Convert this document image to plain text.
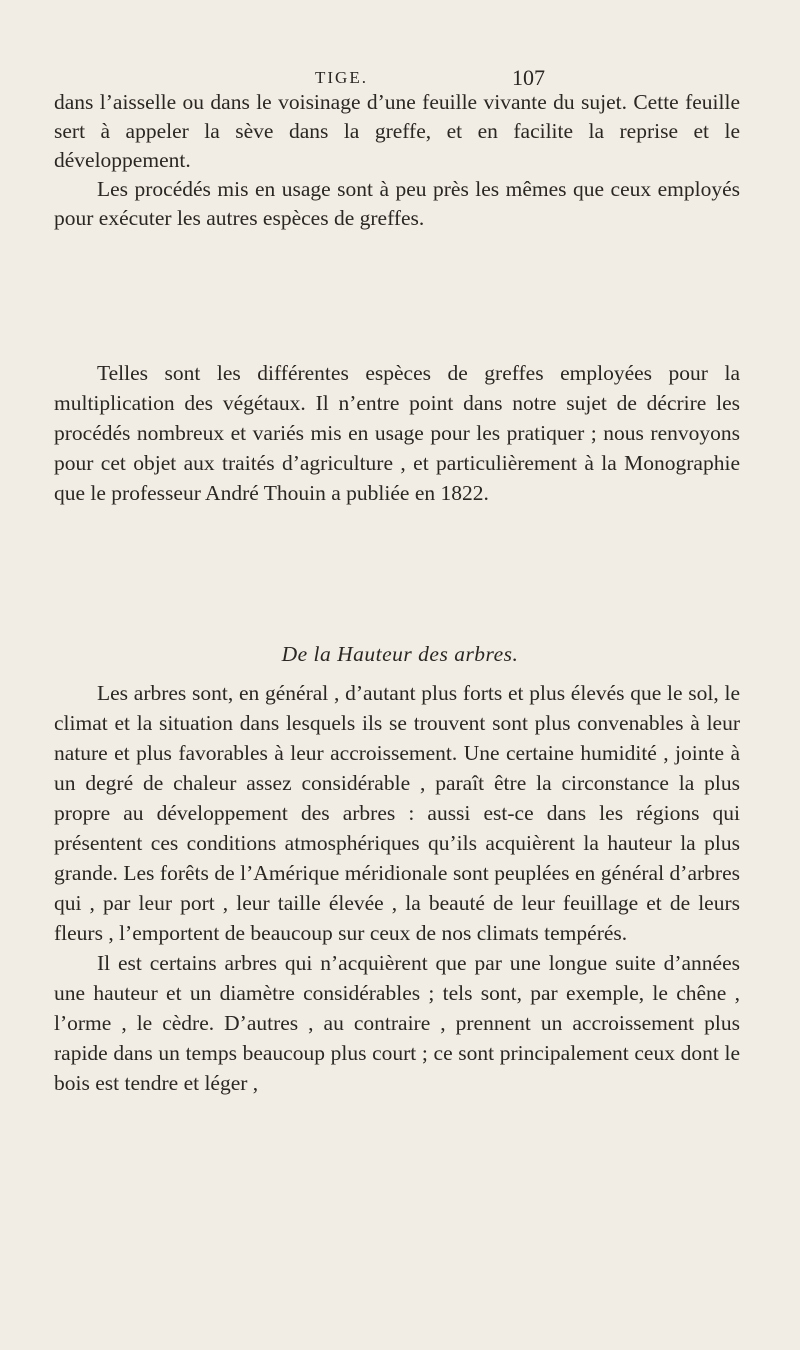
TIGE.	107

dans l’aisselle ou dans le voisinage d’une feuille vivante du sujet. Cette feuille sert à appeler la sève dans la greffe, et en facilite la reprise et le développement.

Les procédés mis en usage sont à peu près les mêmes que ceux employés pour exécuter les autres espèces de greffes.

Telles sont les différentes espèces de greffes employées pour la multiplication des végétaux. Il n’entre point dans notre sujet de décrire les procédés nombreux et variés mis en usage pour les pratiquer ; nous renvoyons pour cet objet aux traités d’agriculture , et particulièrement à la Monographie que le professeur André Thouin a publiée en 1822.

De la Hauteur des arbres.

Les arbres sont, en général , d’autant plus forts et plus élevés que le sol, le climat et la situation dans lesquels ils se trouvent sont plus convenables à leur nature et plus favorables à leur accroissement. Une certaine humidité , jointe à un degré de chaleur assez considérable , paraît être la circonstance la plus propre au développement des arbres : aussi est-ce dans les régions qui présentent ces conditions atmosphériques qu’ils acquièrent la hauteur la plus grande. Les forêts de l’Amérique méridionale sont peuplées en général d’arbres qui , par leur port , leur taille élevée , la beauté de leur feuillage et de leurs fleurs , l’emportent de beaucoup sur ceux de nos climats tempérés.

Il est certains arbres qui n’acquièrent que par une longue suite d’années une hauteur et un diamètre considérables ; tels sont, par exemple, le chêne , l’orme , le cèdre. D’autres , au contraire , prennent un accroissement plus rapide dans un temps beaucoup plus court ; ce sont principalement ceux dont le bois est tendre et léger ,
